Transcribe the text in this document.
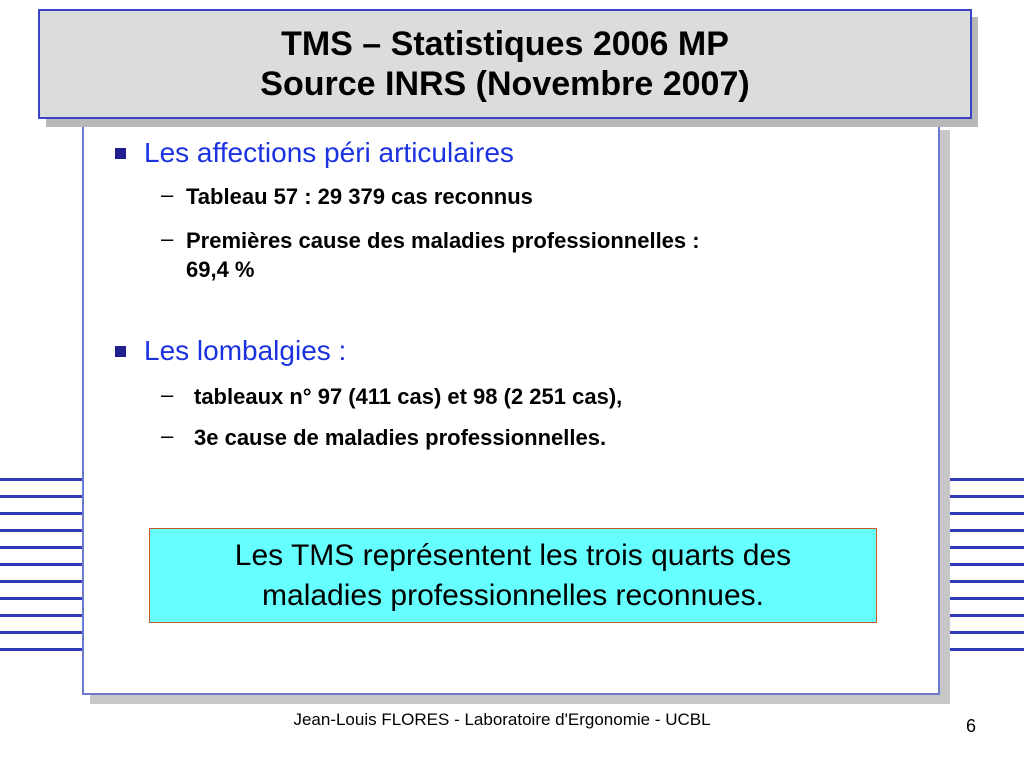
TMS – Statistiques 2006 MP
Source INRS (Novembre 2007)
Les affections péri articulaires
– Tableau 57 : 29 379 cas reconnus
– Premières cause des maladies professionnelles :
69,4 %
Les lombalgies :
– tableaux n° 97 (411 cas) et 98 (2 251 cas),
– 3e cause de maladies professionnelles.
Les TMS représentent les trois quarts des
maladies professionnelles reconnues.
Jean-Louis FLORES - Laboratoire d'Ergonomie - UCBL	6
